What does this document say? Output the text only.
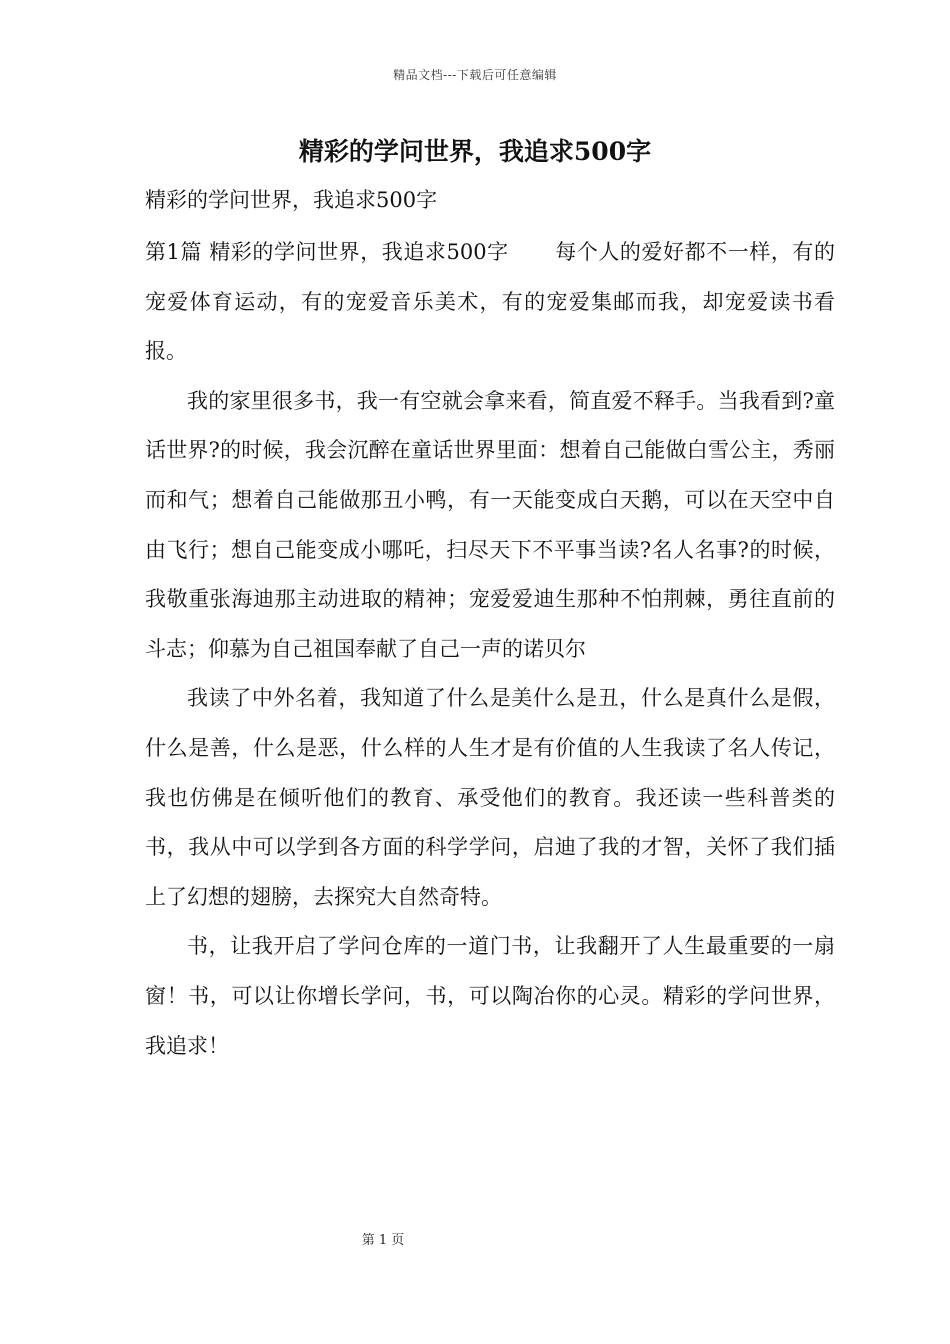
精品文档---下载后可任意编辑
精彩的学问世界，我追求500字

精彩的学问世界，我追求500字

第1篇 精彩的学问世界，我追求500字 每个人的爱好都不一样，有的宠爱体育运动，有的宠爱音乐美术，有的宠爱集邮而我，却宠爱读书看报。

我的家里很多书，我一有空就会拿来看，简直爱不释手。当我看到?童话世界?的时候，我会沉醉在童话世界里面：想着自己能做白雪公主，秀丽而和气；想着自己能做那丑小鸭，有一天能变成白天鹅，可以在天空中自由飞行；想自己能变成小哪吒，扫尽天下不平事当读?名人名事?的时候，我敬重张海迪那主动进取的精神；宠爱爱迪生那种不怕荆棘，勇往直前的斗志；仰慕为自己祖国奉献了自己一声的诺贝尔

我读了中外名着，我知道了什么是美什么是丑，什么是真什么是假，什么是善，什么是恶，什么样的人生才是有价值的人生我读了名人传记，我也仿佛是在倾听他们的教育、承受他们的教育。我还读一些科普类的书，我从中可以学到各方面的科学学问，启迪了我的才智，关怀了我们插上了幻想的翅膀，去探究大自然奇特。

书，让我开启了学问仓库的一道门书，让我翻开了人生最重要的一扇窗！书，可以让你增长学问，书，可以陶冶你的心灵。精彩的学问世界，我追求！

第 1 页
